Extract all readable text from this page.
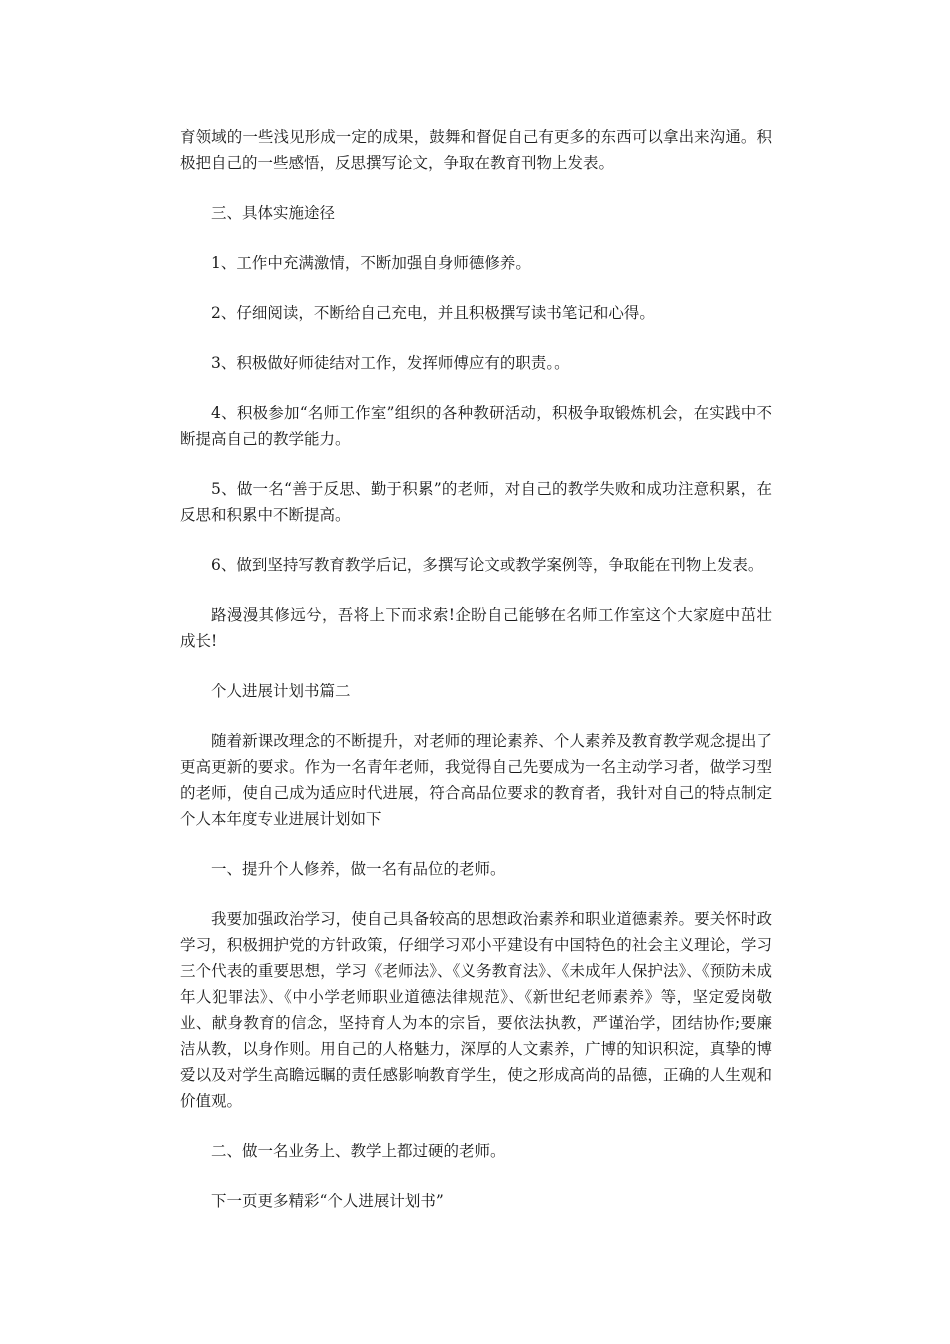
育领域的一些浅见形成一定的成果，鼓舞和督促自己有更多的东西可以拿出来沟通。积极把自己的一些感悟，反思撰写论文，争取在教育刊物上发表。

三、具体实施途径

1、工作中充满激情，不断加强自身师德修养。

2、仔细阅读，不断给自己充电，并且积极撰写读书笔记和心得。

3、积极做好师徒结对工作，发挥师傅应有的职责。。

4、积极参加“名师工作室”组织的各种教研活动，积极争取锻炼机会，在实践中不断提高自己的教学能力。

5、做一名“善于反思、勤于积累”的老师，对自己的教学失败和成功注意积累，在反思和积累中不断提高。

6、做到坚持写教育教学后记，多撰写论文或教学案例等，争取能在刊物上发表。

路漫漫其修远兮，吾将上下而求索!企盼自己能够在名师工作室这个大家庭中茁壮成长!

个人进展计划书篇二

随着新课改理念的不断提升，对老师的理论素养、个人素养及教育教学观念提出了更高更新的要求。作为一名青年老师，我觉得自己先要成为一名主动学习者，做学习型的老师，使自己成为适应时代进展，符合高品位要求的教育者，我针对自己的特点制定个人本年度专业进展计划如下

一、提升个人修养，做一名有品位的老师。

我要加强政治学习，使自己具备较高的思想政治素养和职业道德素养。要关怀时政学习，积极拥护党的方针政策，仔细学习邓小平建设有中国特色的社会主义理论，学习三个代表的重要思想，学习《老师法》、《义务教育法》、《未成年人保护法》、《预防未成年人犯罪法》、《中小学老师职业道德法律规范》、《新世纪老师素养》等，坚定爱岗敬业、献身教育的信念，坚持育人为本的宗旨，要依法执教，严谨治学，团结协作;要廉洁从教，以身作则。用自己的人格魅力，深厚的人文素养，广博的知识积淀，真挚的博爱以及对学生高瞻远瞩的责任感影响教育学生，使之形成高尚的品德，正确的人生观和价值观。

二、做一名业务上、教学上都过硬的老师。

下一页更多精彩“个人进展计划书”
